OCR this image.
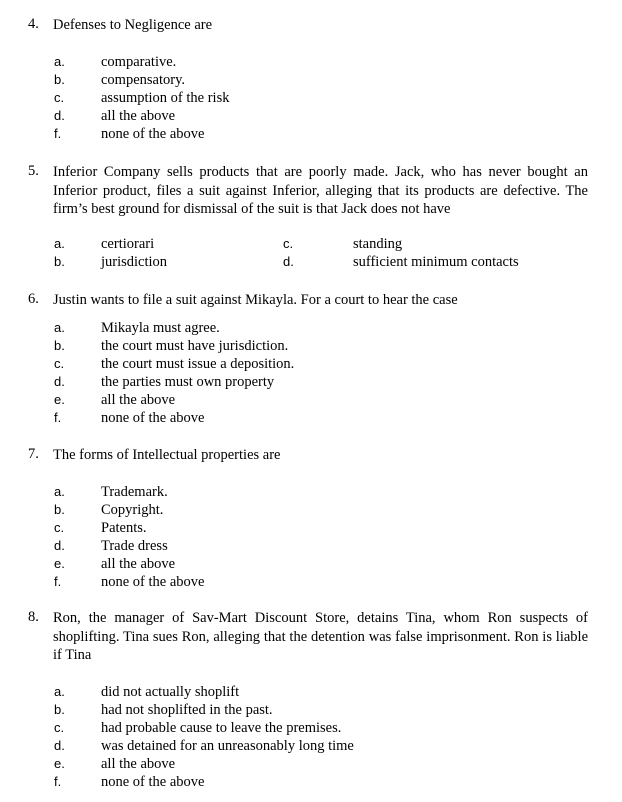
4. Defenses to Negligence are
a. comparative.
b. compensatory.
c.	assumption of the risk
d. all the above
f.	none of the above
5. Inferior Company sells products that are poorly made. Jack, who has never bought an Inferior product, files a suit against Inferior, alleging that its products are defective. The firm’s best ground for dismissal of the suit is that Jack does not have
a. certiorari	c.	standing
b. jurisdiction	d.	sufficient minimum contacts
6. Justin wants to file a suit against Mikayla. For a court to hear the case
a. Mikayla must agree.
b. the court must have jurisdiction.
c.	the court must issue a deposition.
d. the parties must own property
e. all the above
f.	none of the above
7. The forms of Intellectual properties are
a. Trademark.
b. Copyright.
c.	Patents.
d. Trade dress
e. all the above
f.	none of the above
8. Ron, the manager of Sav-Mart Discount Store, detains Tina, whom Ron suspects of shoplifting. Tina sues Ron, alleging that the detention was false imprisonment. Ron is liable if Tina
a. did not actually shoplift
b. had not shoplifted in the past.
c.	had probable cause to leave the premises.
d. was detained for an unreasonably long time
e. all the above
f.	none of the above
